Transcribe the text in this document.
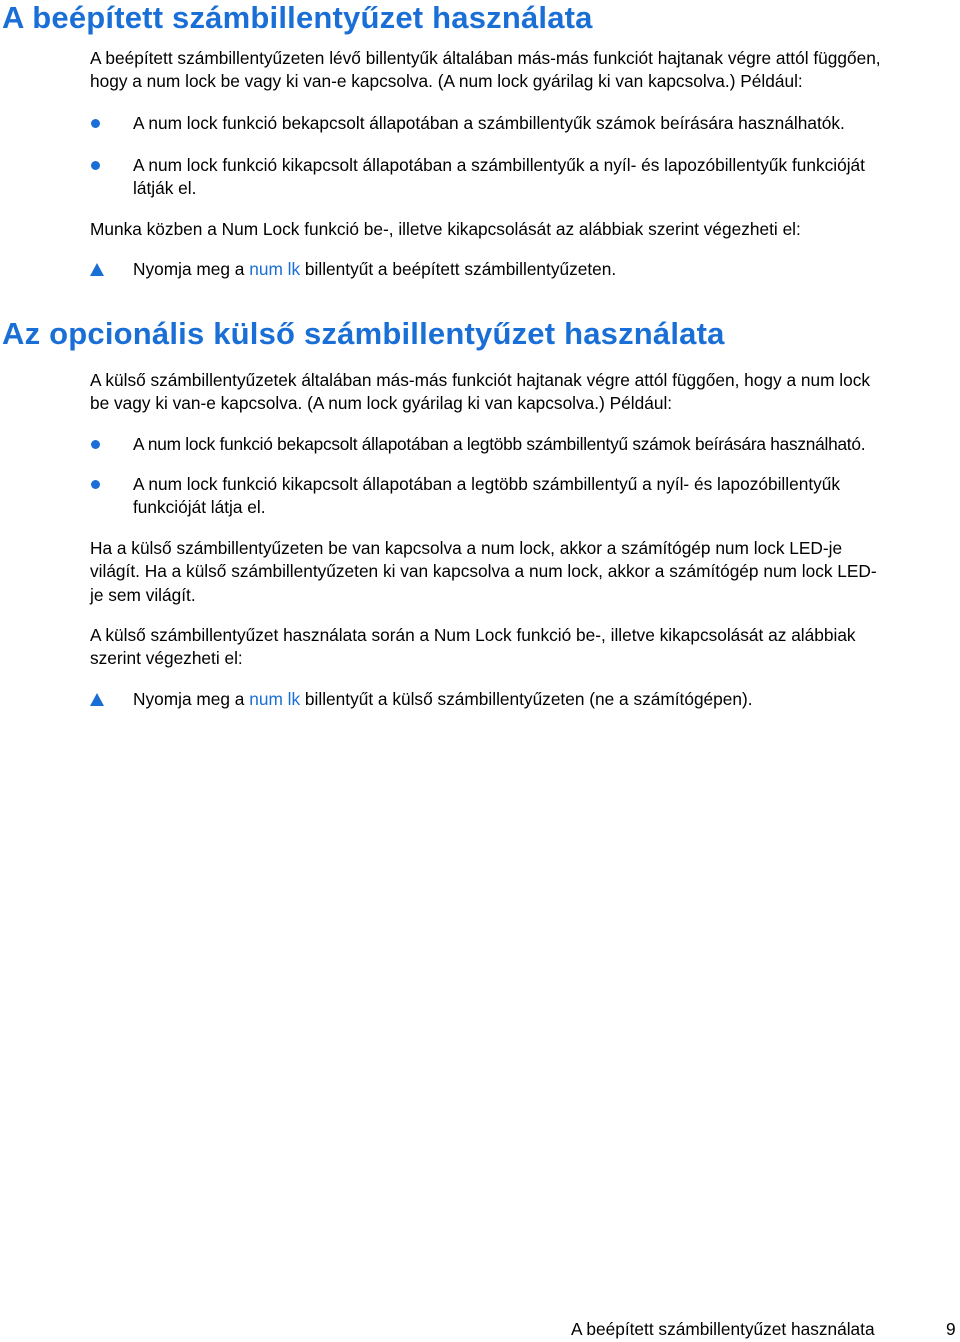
A beépített számbillentyűzet használata
A beépített számbillentyűzeten lévő billentyűk általában más-más funkciót hajtanak végre attól függően,
hogy a num lock be vagy ki van-e kapcsolva. (A num lock gyárilag ki van kapcsolva.) Például:
A num lock funkció bekapcsolt állapotában a számbillentyűk számok beírására használhatók.
A num lock funkció kikapcsolt állapotában a számbillentyűk a nyíl- és lapozóbillentyűk funkcióját
látják el.
Munka közben a Num Lock funkció be-, illetve kikapcsolását az alábbiak szerint végezheti el:
Nyomja meg a num lk billentyűt a beépített számbillentyűzeten.
Az opcionális külső számbillentyűzet használata
A külső számbillentyűzetek általában más-más funkciót hajtanak végre attól függően, hogy a num lock
be vagy ki van-e kapcsolva. (A num lock gyárilag ki van kapcsolva.) Például:
A num lock funkció bekapcsolt állapotában a legtöbb számbillentyű számok beírására használható.
A num lock funkció kikapcsolt állapotában a legtöbb számbillentyű a nyíl- és lapozóbillentyűk
funkcióját látja el.
Ha a külső számbillentyűzeten be van kapcsolva a num lock, akkor a számítógép num lock LED-je
világít. Ha a külső számbillentyűzeten ki van kapcsolva a num lock, akkor a számítógép num lock LED-
je sem világít.
A külső számbillentyűzet használata során a Num Lock funkció be-, illetve kikapcsolását az alábbiak
szerint végezheti el:
Nyomja meg a num lk billentyűt a külső számbillentyűzeten (ne a számítógépen).
A beépített számbillentyűzet használata	9
